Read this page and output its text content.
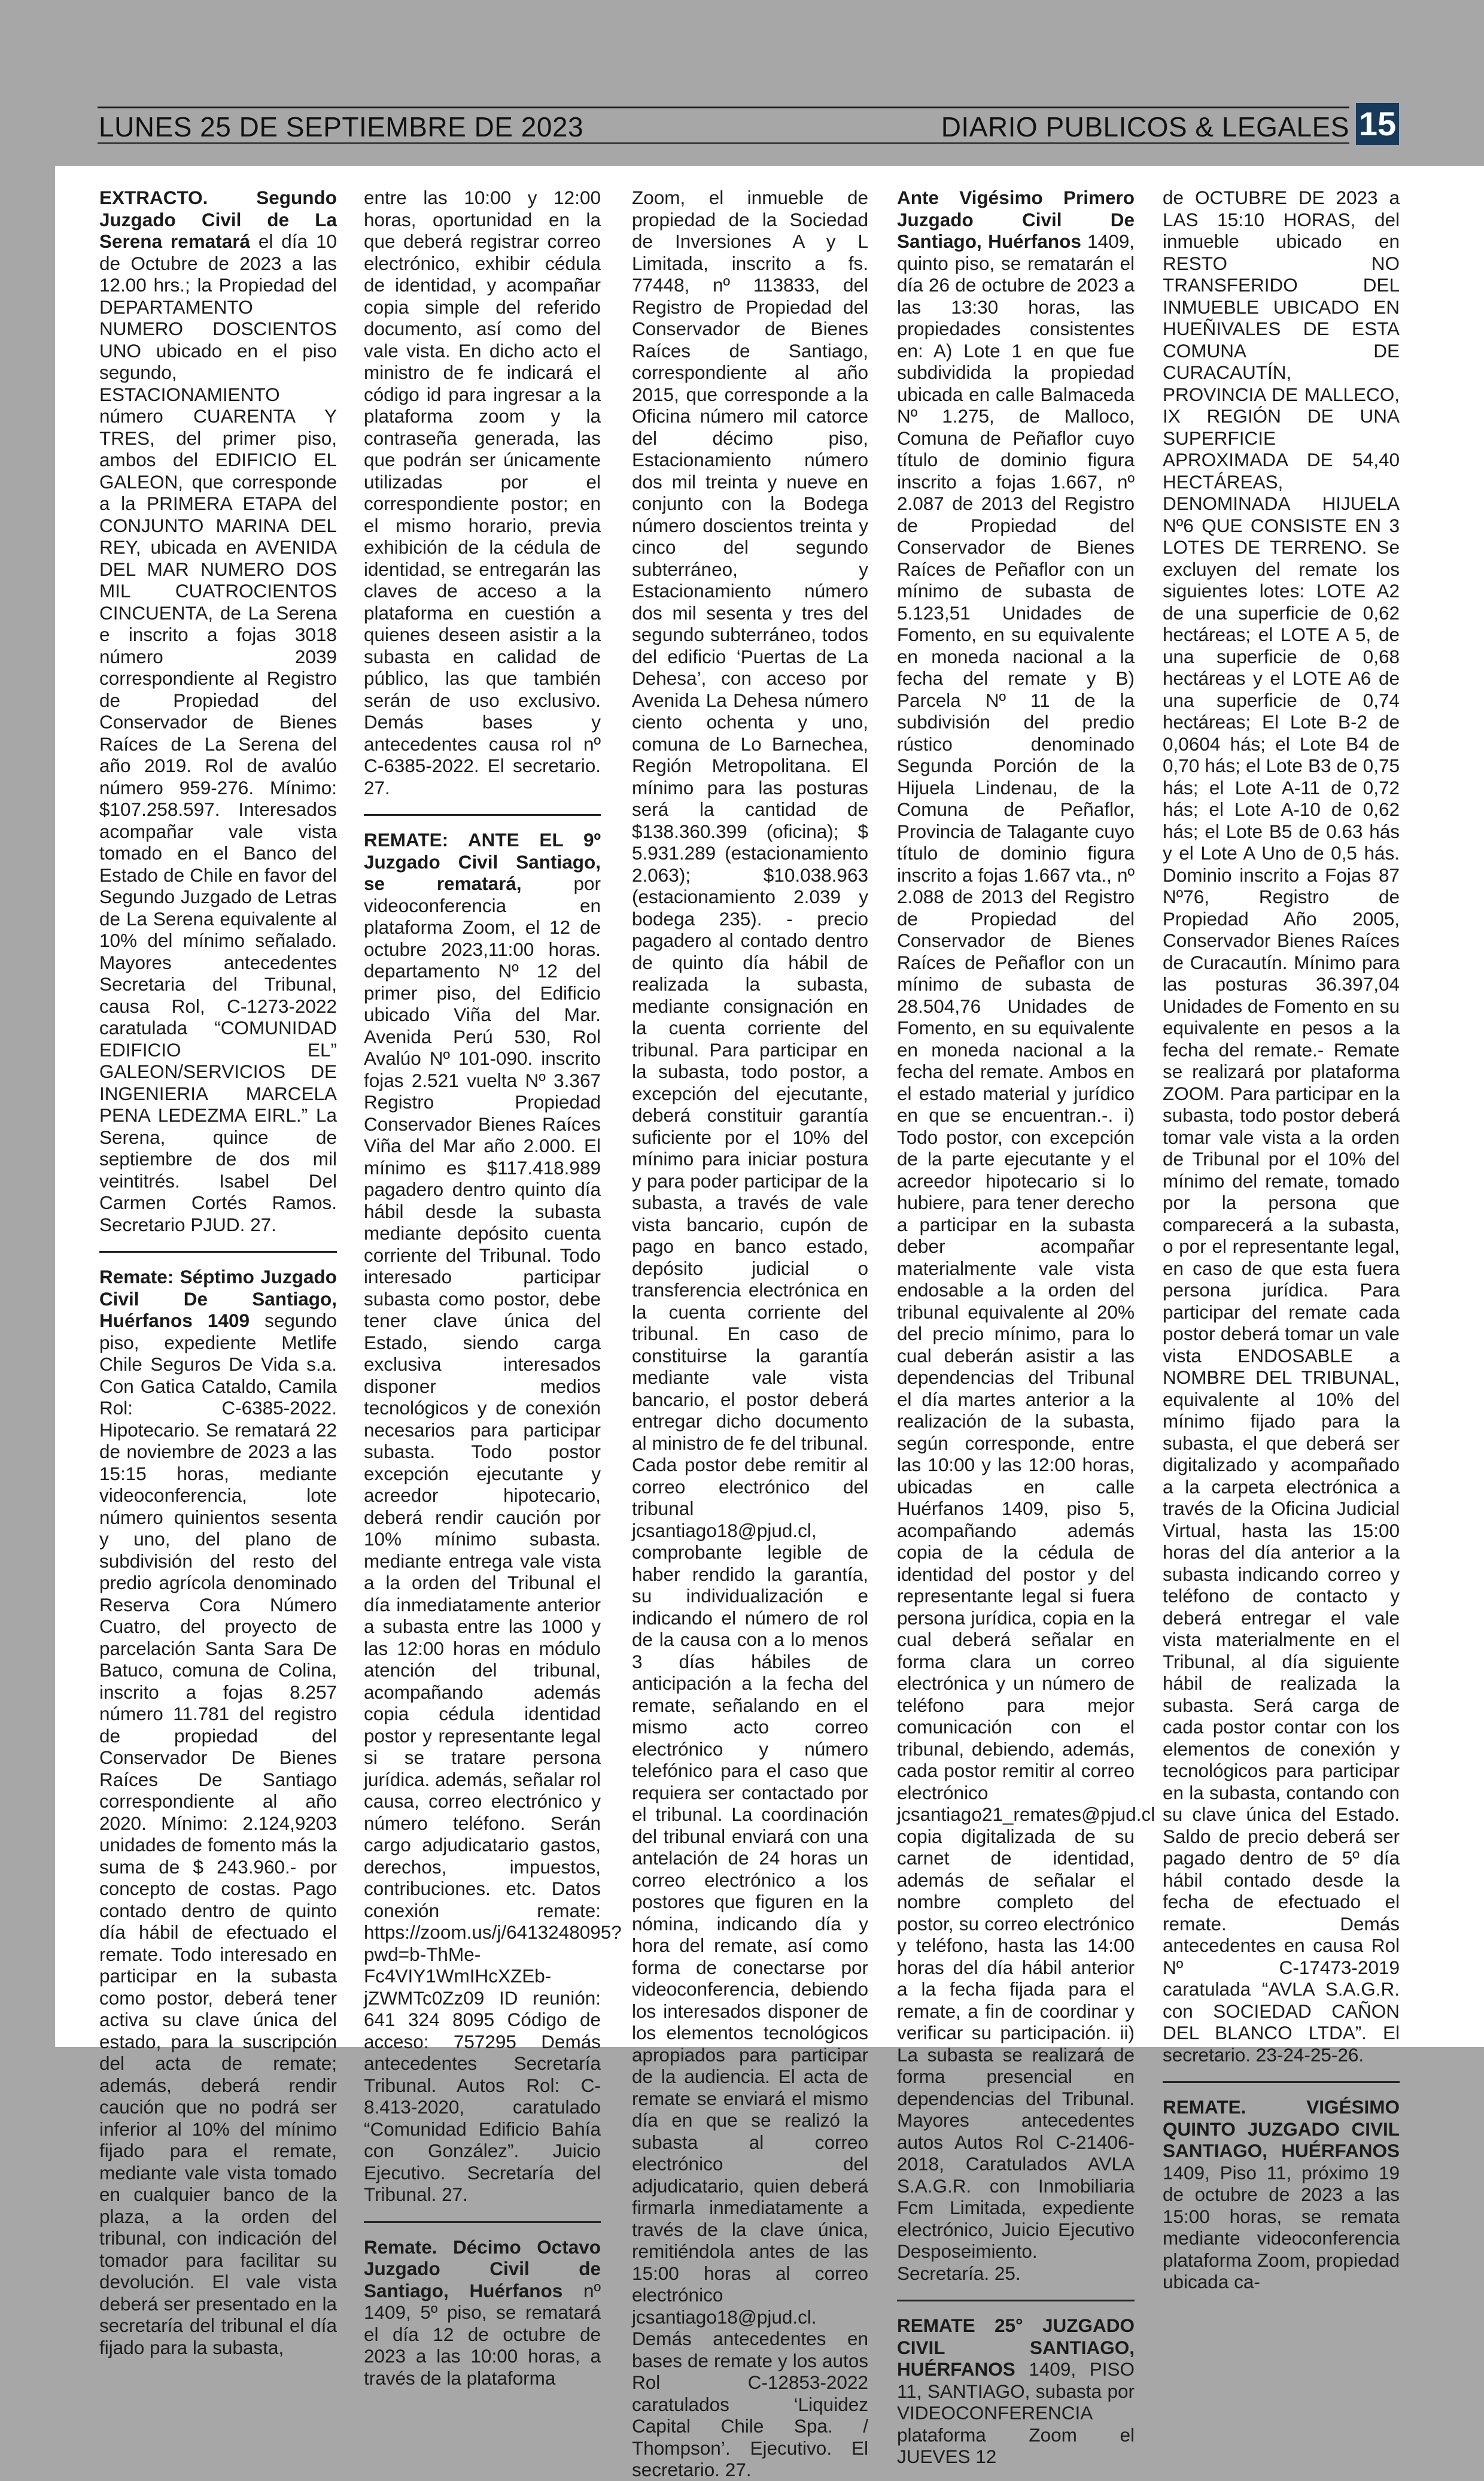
LUNES 25 DE SEPTIEMBRE DE 2023	DIARIO PUBLICOS & LEGALES 15

EXTRACTO. Segundo Juzgado Civil de La Serena rematará el día 10 de Octubre de 2023 a las 12.00 hrs.; la Propiedad del DEPARTAMENTO NUMERO DOSCIENTOS UNO ubicado en el piso segundo, ESTACIONAMIENTO número CUARENTA Y TRES, del primer piso, ambos del EDIFICIO EL GALEON, que corresponde a la PRIMERA ETAPA del CONJUNTO MARINA DEL REY, ubicada en AVENIDA DEL MAR NUMERO DOS MIL CUATROCIENTOS CINCUENTA, de La Serena e inscrito a fojas 3018 número 2039 correspondiente al Registro de Propiedad del Conservador de Bienes Raíces de La Serena del año 2019. Rol de avalúo número 959-276. Mínimo: $107.258.597. Interesados acompañar vale vista tomado en el Banco del Estado de Chile en favor del Segundo Juzgado de Letras de La Serena equivalente al 10% del mínimo señalado. Mayores antecedentes Secretaria del Tribunal, causa Rol, C-1273-2022 caratulada “COMUNIDAD EDIFICIO EL” GALEON/SERVICIOS DE INGENIERIA MARCELA PENA LEDEZMA EIRL.” La Serena, quince de septiembre de dos mil veintitrés. Isabel Del Carmen Cortés Ramos. Secretario PJUD. 27.

Remate: Séptimo Juzgado Civil De Santiago, Huérfanos 1409 segundo piso, expediente Metlife Chile Seguros De Vida s.a. Con Gatica Cataldo, Camila Rol: C-6385-2022. Hipotecario. Se rematará 22 de noviembre de 2023 a las 15:15 horas, mediante videoconferencia, lote número quinientos sesenta y uno, del plano de subdivisión del resto del predio agrícola denominado Reserva Cora Número Cuatro, del proyecto de parcelación Santa Sara De Batuco, comuna de Colina, inscrito a fojas 8.257 número 11.781 del registro de propiedad del Conservador De Bienes Raíces De Santiago correspondiente al año 2020. Mínimo: 2.124,9203 unidades de fomento más la suma de $ 243.960.- por concepto de costas. Pago contado dentro de quinto día hábil de efectuado el remate. Todo interesado en participar en la subasta como postor, deberá tener activa su clave única del estado, para la suscripción del acta de remate; además, deberá rendir caución que no podrá ser inferior al 10% del mínimo fijado para el remate, mediante vale vista tomado en cualquier banco de la plaza, a la orden del tribunal, con indicación del tomador para facilitar su devolución. El vale vista deberá ser presentado en la secretaría del tribunal el día fijado para la subasta,

entre las 10:00 y 12:00 horas, oportunidad en la que deberá registrar correo electrónico, exhibir cédula de identidad, y acompañar copia simple del referido documento, así como del vale vista. En dicho acto el ministro de fe indicará el código id para ingresar a la plataforma zoom y la contraseña generada, las que podrán ser únicamente utilizadas por el correspondiente postor; en el mismo horario, previa exhibición de la cédula de identidad, se entregarán las claves de acceso a la plataforma en cuestión a quienes deseen asistir a la subasta en calidad de público, las que también serán de uso exclusivo. Demás bases y antecedentes causa rol nº C-6385-2022. El secretario. 27.

REMATE: ANTE EL 9º Juzgado Civil Santiago, se rematará, por videoconferencia en plataforma Zoom, el 12 de octubre 2023,11:00 horas. departamento Nº 12 del primer piso, del Edificio ubicado Viña del Mar. Avenida Perú 530, Rol Avalúo Nº 101-090. inscrito fojas 2.521 vuelta Nº 3.367 Registro Propiedad Conservador Bienes Raíces Viña del Mar año 2.000. El mínimo es $117.418.989 pagadero dentro quinto día hábil desde la subasta mediante depósito cuenta corriente del Tribunal. Todo interesado participar subasta como postor, debe tener clave única del Estado, siendo carga exclusiva interesados disponer medios tecnológicos y de conexión necesarios para participar subasta. Todo postor excepción ejecutante y acreedor hipotecario, deberá rendir caución por 10% mínimo subasta. mediante entrega vale vista a la orden del Tribunal el día inmediatamente anterior a subasta entre las 1000 y las 12:00 horas en módulo atención del tribunal, acompañando además copia cédula identidad postor y representante legal si se tratare persona jurídica. además, señalar rol causa, correo electrónico y número teléfono. Serán cargo adjudicatario gastos, derechos, impuestos, contribuciones. etc. Datos conexión remate: https://zoom.us/j/6413248095?pwd=b-ThMe-Fc4VIY1WmIHcXZEb-jZWMTc0Zz09 ID reunión: 641 324 8095 Código de acceso: 757295 Demás antecedentes Secretaría Tribunal. Autos Rol: C-8.413-2020, caratulado “Comunidad Edificio Bahía con González”. Juicio Ejecutivo. Secretaría del Tribunal. 27.

Remate. Décimo Octavo Juzgado Civil de Santiago, Huérfanos nº 1409, 5º piso, se rematará el día 12 de octubre de 2023 a las 10:00 horas, a través de la plataforma

Zoom, el inmueble de propiedad de la Sociedad de Inversiones A y L Limitada, inscrito a fs. 77448, nº 113833, del Registro de Propiedad del Conservador de Bienes Raíces de Santiago, correspondiente al año 2015, que corresponde a la Oficina número mil catorce del décimo piso, Estacionamiento número dos mil treinta y nueve en conjunto con la Bodega número doscientos treinta y cinco del segundo subterráneo, y Estacionamiento número dos mil sesenta y tres del segundo subterráneo, todos del edificio ‘Puertas de La Dehesa’, con acceso por Avenida La Dehesa número ciento ochenta y uno, comuna de Lo Barnechea, Región Metropolitana. El mínimo para las posturas será la cantidad de $138.360.399 (oficina); $ 5.931.289 (estacionamiento 2.063); $10.038.963 (estacionamiento 2.039 y bodega 235). - precio pagadero al contado dentro de quinto día hábil de realizada la subasta, mediante consignación en la cuenta corriente del tribunal. Para participar en la subasta, todo postor, a excepción del ejecutante, deberá constituir garantía suficiente por el 10% del mínimo para iniciar postura y para poder participar de la subasta, a través de vale vista bancario, cupón de pago en banco estado, depósito judicial o transferencia electrónica en la cuenta corriente del tribunal. En caso de constituirse la garantía mediante vale vista bancario, el postor deberá entregar dicho documento al ministro de fe del tribunal. Cada postor debe remitir al correo electrónico del tribunal jcsantiago18@pjud.cl, comprobante legible de haber rendido la garantía, su individualización e indicando el número de rol de la causa con a lo menos 3 días hábiles de anticipación a la fecha del remate, señalando en el mismo acto correo electrónico y número telefónico para el caso que requiera ser contactado por el tribunal. La coordinación del tribunal enviará con una antelación de 24 horas un correo electrónico a los postores que figuren en la nómina, indicando día y hora del remate, así como forma de conectarse por videoconferencia, debiendo los interesados disponer de los elementos tecnológicos apropiados para participar de la audiencia. El acta de remate se enviará el mismo día en que se realizó la subasta al correo electrónico del adjudicatario, quien deberá firmarla inmediatamente a través de la clave única, remitiéndola antes de las 15:00 horas al correo electrónico jcsantiago18@pjud.cl. Demás antecedentes en bases de remate y los autos Rol C-12853-2022 caratulados ‘Liquidez Capital Chile Spa. / Thompson’. Ejecutivo. El secretario. 27.

Ante Vigésimo Primero Juzgado Civil De Santiago, Huérfanos 1409, quinto piso, se rematarán el día 26 de octubre de 2023 a las 13:30 horas, las propiedades consistentes en: A) Lote 1 en que fue subdividida la propiedad ubicada en calle Balmaceda Nº 1.275, de Malloco, Comuna de Peñaflor cuyo título de dominio figura inscrito a fojas 1.667, nº 2.087 de 2013 del Registro de Propiedad del Conservador de Bienes Raíces de Peñaflor con un mínimo de subasta de 5.123,51 Unidades de Fomento, en su equivalente en moneda nacional a la fecha del remate y B) Parcela Nº 11 de la subdivisión del predio rústico denominado Segunda Porción de la Hijuela Lindenau, de la Comuna de Peñaflor, Provincia de Talagante cuyo título de dominio figura inscrito a fojas 1.667 vta., nº 2.088 de 2013 del Registro de Propiedad del Conservador de Bienes Raíces de Peñaflor con un mínimo de subasta de 28.504,76 Unidades de Fomento, en su equivalente en moneda nacional a la fecha del remate. Ambos en el estado material y jurídico en que se encuentran.-. i) Todo postor, con excepción de la parte ejecutante y el acreedor hipotecario si lo hubiere, para tener derecho a participar en la subasta deber acompañar materialmente vale vista endosable a la orden del tribunal equivalente al 20% del precio mínimo, para lo cual deberán asistir a las dependencias del Tribunal el día martes anterior a la realización de la subasta, según corresponde, entre las 10:00 y las 12:00 horas, ubicadas en calle Huérfanos 1409, piso 5, acompañando además copia de la cédula de identidad del postor y del representante legal si fuera persona jurídica, copia en la cual deberá señalar en forma clara un correo electrónica y un número de teléfono para mejor comunicación con el tribunal, debiendo, además, cada postor remitir al correo electrónico jcsantiago21_remates@pjud.cl copia digitalizada de su carnet de identidad, además de señalar el nombre completo del postor, su correo electrónico y teléfono, hasta las 14:00 horas del día hábil anterior a la fecha fijada para el remate, a fin de coordinar y verificar su participación. ii) La subasta se realizará de forma presencial en dependencias del Tribunal. Mayores antecedentes autos Autos Rol C-21406-2018, Caratulados AVLA S.A.G.R. con Inmobiliaria Fcm Limitada, expediente electrónico, Juicio Ejecutivo Desposeimiento. Secretaría. 25.

REMATE 25° JUZGADO CIVIL SANTIAGO, HUÉRFANOS 1409, PISO 11, SANTIAGO, subasta por VIDEOCONFERENCIA plataforma Zoom el JUEVES 12

de OCTUBRE DE 2023 a LAS 15:10 HORAS, del inmueble ubicado en RESTO NO TRANSFERIDO DEL INMUEBLE UBICADO EN HUEÑIVALES DE ESTA COMUNA DE CURACAUTÍN, PROVINCIA DE MALLECO, IX REGIÓN DE UNA SUPERFICIE APROXIMADA DE 54,40 HECTÁREAS, DENOMINADA HIJUELA Nº6 QUE CONSISTE EN 3 LOTES DE TERRENO. Se excluyen del remate los siguientes lotes: LOTE A2 de una superficie de 0,62 hectáreas; el LOTE A 5, de una superficie de 0,68 hectáreas y el LOTE A6 de una superficie de 0,74 hectáreas; El Lote B-2 de 0,0604 hás; el Lote B4 de 0,70 hás; el Lote B3 de 0,75 hás; el Lote A-11 de 0,72 hás; el Lote A-10 de 0,62 hás; el Lote B5 de 0.63 hás y el Lote A Uno de 0,5 hás. Dominio inscrito a Fojas 87 Nº76, Registro de Propiedad Año 2005, Conservador Bienes Raíces de Curacautín. Mínimo para las posturas 36.397,04 Unidades de Fomento en su equivalente en pesos a la fecha del remate.- Remate se realizará por plataforma ZOOM. Para participar en la subasta, todo postor deberá tomar vale vista a la orden de Tribunal por el 10% del mínimo del remate, tomado por la persona que comparecerá a la subasta, o por el representante legal, en caso de que esta fuera persona jurídica. Para participar del remate cada postor deberá tomar un vale vista ENDOSABLE a NOMBRE DEL TRIBUNAL, equivalente al 10% del mínimo fijado para la subasta, el que deberá ser digitalizado y acompañado a la carpeta electrónica a través de la Oficina Judicial Virtual, hasta las 15:00 horas del día anterior a la subasta indicando correo y teléfono de contacto y deberá entregar el vale vista materialmente en el Tribunal, al día siguiente hábil de realizada la subasta. Será carga de cada postor contar con los elementos de conexión y tecnológicos para participar en la subasta, contando con su clave única del Estado. Saldo de precio deberá ser pagado dentro de 5º día hábil contado desde la fecha de efectuado el remate. Demás antecedentes en causa Rol Nº C-17473-2019 caratulada “AVLA S.A.G.R. con SOCIEDAD CAÑON DEL BLANCO LTDA”. El secretario. 23-24-25-26.

REMATE. VIGÉSIMO QUINTO JUZGADO CIVIL SANTIAGO, HUÉRFANOS 1409, Piso 11, próximo 19 de octubre de 2023 a las 15:00 horas, se remata mediante videoconferencia plataforma Zoom, propiedad ubicada ca-
